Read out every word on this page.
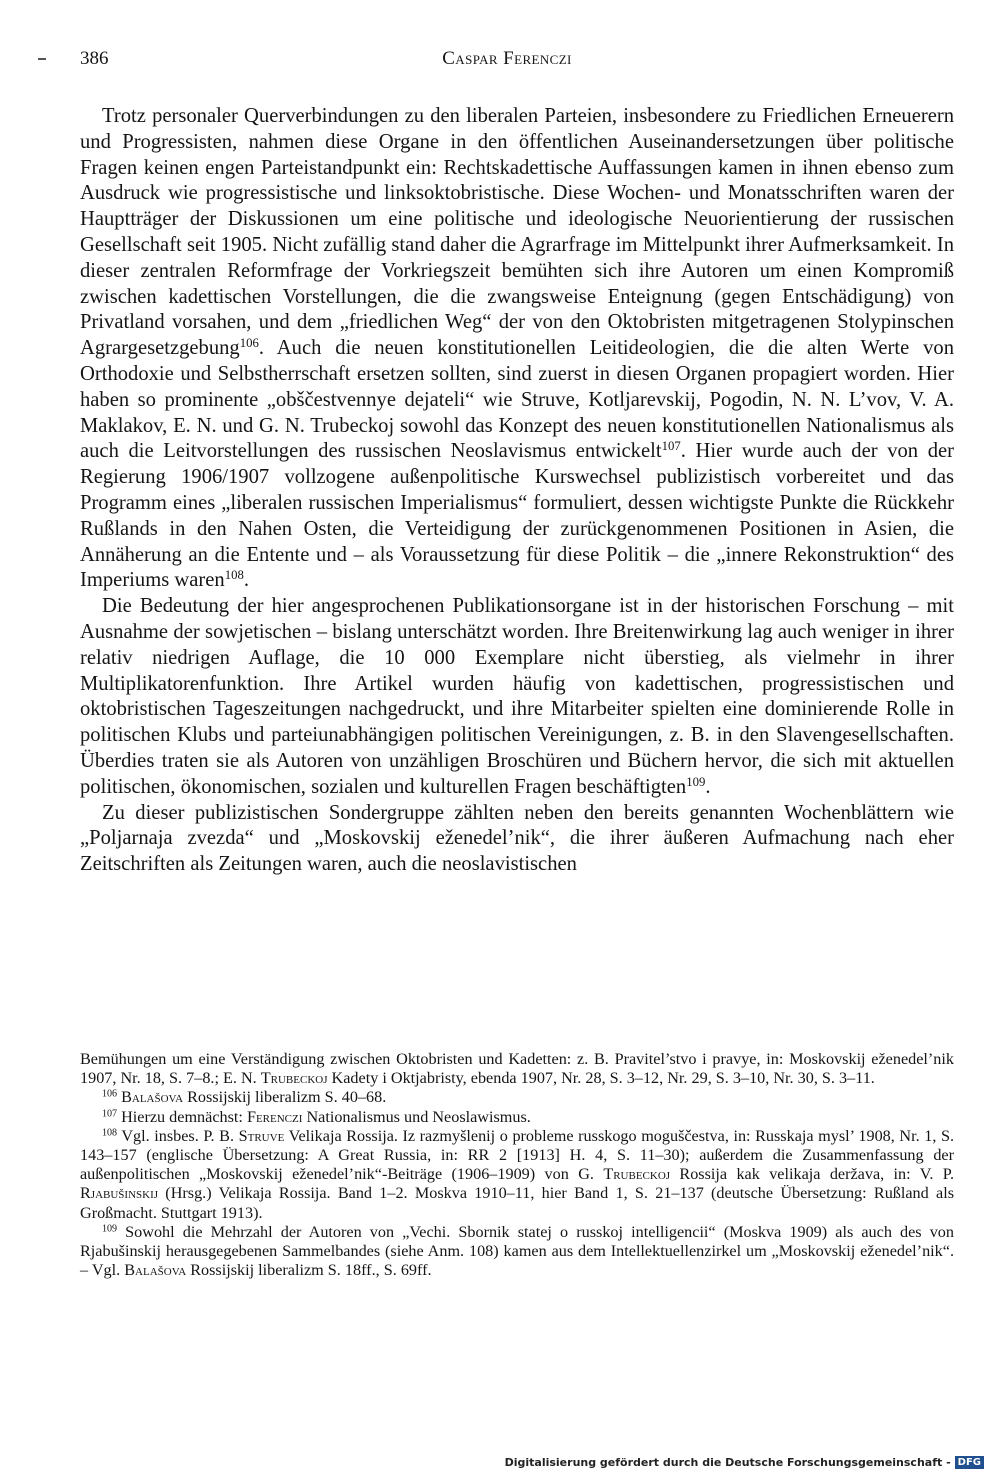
386	Caspar Ferenczi

Trotz personaler Querverbindungen zu den liberalen Parteien, insbesondere zu Friedlichen Erneuerern und Progressisten, nahmen diese Organe in den öffentlichen Auseinandersetzungen über politische Fragen keinen engen Parteistandpunkt ein: Rechtskadettische Auffassungen kamen in ihnen ebenso zum Ausdruck wie progressistische und linksoktobristische. Diese Wochen- und Monatsschriften waren der Hauptträger der Diskussionen um eine politische und ideologische Neuorientierung der russischen Gesellschaft seit 1905. Nicht zufällig stand daher die Agrarfrage im Mittelpunkt ihrer Aufmerksamkeit. In dieser zentralen Reformfrage der Vorkriegszeit bemühten sich ihre Autoren um einen Kompromiß zwischen kadettischen Vorstellungen, die die zwangsweise Enteignung (gegen Entschädigung) von Privatland vorsahen, und dem „friedlichen Weg“ der von den Oktobristen mitgetragenen Stolypinschen Agrargesetzgebung$^{106}$. Auch die neuen konstitutionellen Leitideologien, die die alten Werte von Orthodoxie und Selbstherrschaft ersetzen sollten, sind zuerst in diesen Organen propagiert worden. Hier haben so prominente „obščestvennye dejateli“ wie Struve, Kotljarevskij, Pogodin, N. N. L’vov, V. A. Maklakov, E. N. und G. N. Trubeckoj sowohl das Konzept des neuen konstitutionellen Nationalismus als auch die Leitvorstellungen des russischen Neoslavismus entwickelt$^{107}$. Hier wurde auch der von der Regierung 1906/1907 vollzogene außenpolitische Kurswechsel publizistisch vorbereitet und das Programm eines „liberalen russischen Imperialismus“ formuliert, dessen wichtigste Punkte die Rückkehr Rußlands in den Nahen Osten, die Verteidigung der zurückgenommenen Positionen in Asien, die Annäherung an die Entente und – als Voraussetzung für diese Politik – die „innere Rekonstruktion“ des Imperiums waren$^{108}$.

Die Bedeutung der hier angesprochenen Publikationsorgane ist in der historischen Forschung – mit Ausnahme der sowjetischen – bislang unterschätzt worden. Ihre Breitenwirkung lag auch weniger in ihrer relativ niedrigen Auflage, die 10 000 Exemplare nicht überstieg, als vielmehr in ihrer Multiplikatorenfunktion. Ihre Artikel wurden häufig von kadettischen, progressistischen und oktobristischen Tageszeitungen nachgedruckt, und ihre Mitarbeiter spielten eine dominierende Rolle in politischen Klubs und parteiunabhängigen politischen Vereinigungen, z. B. in den Slavengesellschaften. Überdies traten sie als Autoren von unzähligen Broschüren und Büchern hervor, die sich mit aktuellen politischen, ökonomischen, sozialen und kulturellen Fragen beschäftigten$^{109}$.

Zu dieser publizistischen Sondergruppe zählten neben den bereits genannten Wochenblättern wie „Poljarnaja zvezda“ und „Moskovskij eženedel’nik“, die ihrer äußeren Aufmachung nach eher Zeitschriften als Zeitungen waren, auch die neoslavistischen

Bemühungen um eine Verständigung zwischen Oktobristen und Kadetten: z. B. Pravitel’stvo i pravye, in: Moskovskij eženedel’nik 1907, Nr. 18, S. 7–8.; E. N. Trubeckoj Kadety i Oktjabristy, ebenda 1907, Nr. 28, S. 3–12, Nr. 29, S. 3–10, Nr. 30, S. 3–11.

$^{106}$ Balašova Rossijskij liberalizm S. 40–68.

$^{107}$ Hierzu demnächst: Ferenczi Nationalismus und Neoslawismus.

$^{108}$ Vgl. insbes. P. B. Struve Velikaja Rossija. Iz razmyšlenij o probleme russkogo moguščestva, in: Russkaja mysl’ 1908, Nr. 1, S. 143–157 (englische Übersetzung: A Great Russia, in: RR 2 [1913] H. 4, S. 11–30); außerdem die Zusammenfassung der außenpolitischen „Moskovskij eženedel’nik“-Beiträge (1906–1909) von G. Trubeckoj Rossija kak velikaja deržava, in: V. P. Rjabušinskij (Hrsg.) Velikaja Rossija. Band 1–2. Moskva 1910–11, hier Band 1, S. 21–137 (deutsche Übersetzung: Rußland als Großmacht. Stuttgart 1913).

$^{109}$ Sowohl die Mehrzahl der Autoren von „Vechi. Sbornik statej o russkoj intelligencii“ (Moskva 1909) als auch des von Rjabušinskij herausgegebenen Sammelbandes (siehe Anm. 108) kamen aus dem Intellektuellenzirkel um „Moskovskij eženedel’nik“. – Vgl. Balašova Rossijskij liberalizm S. 18ff., S. 69ff.

Digitalisierung gefördert durch die Deutsche Forschungsgemeinschaft - DFG
